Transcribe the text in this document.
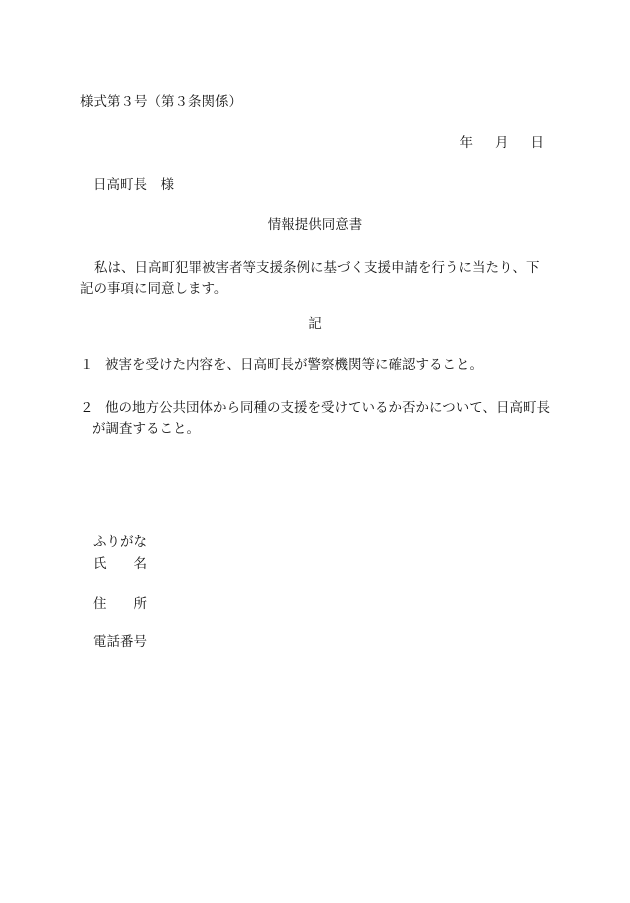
様式第３号（第３条関係）
年 月 日
日高町長　様
情報提供同意書
私は、日高町犯罪被害者等支援条例に基づく支援申請を行うに当たり、下記の事項に同意します。
記
１ 被害を受けた内容を、日高町長が警察機関等に確認すること。
２ 他の地方公共団体から同種の支援を受けているか否かについて、日高町長
が調査すること。
ふりがな
氏 名
住 所
電話番号
